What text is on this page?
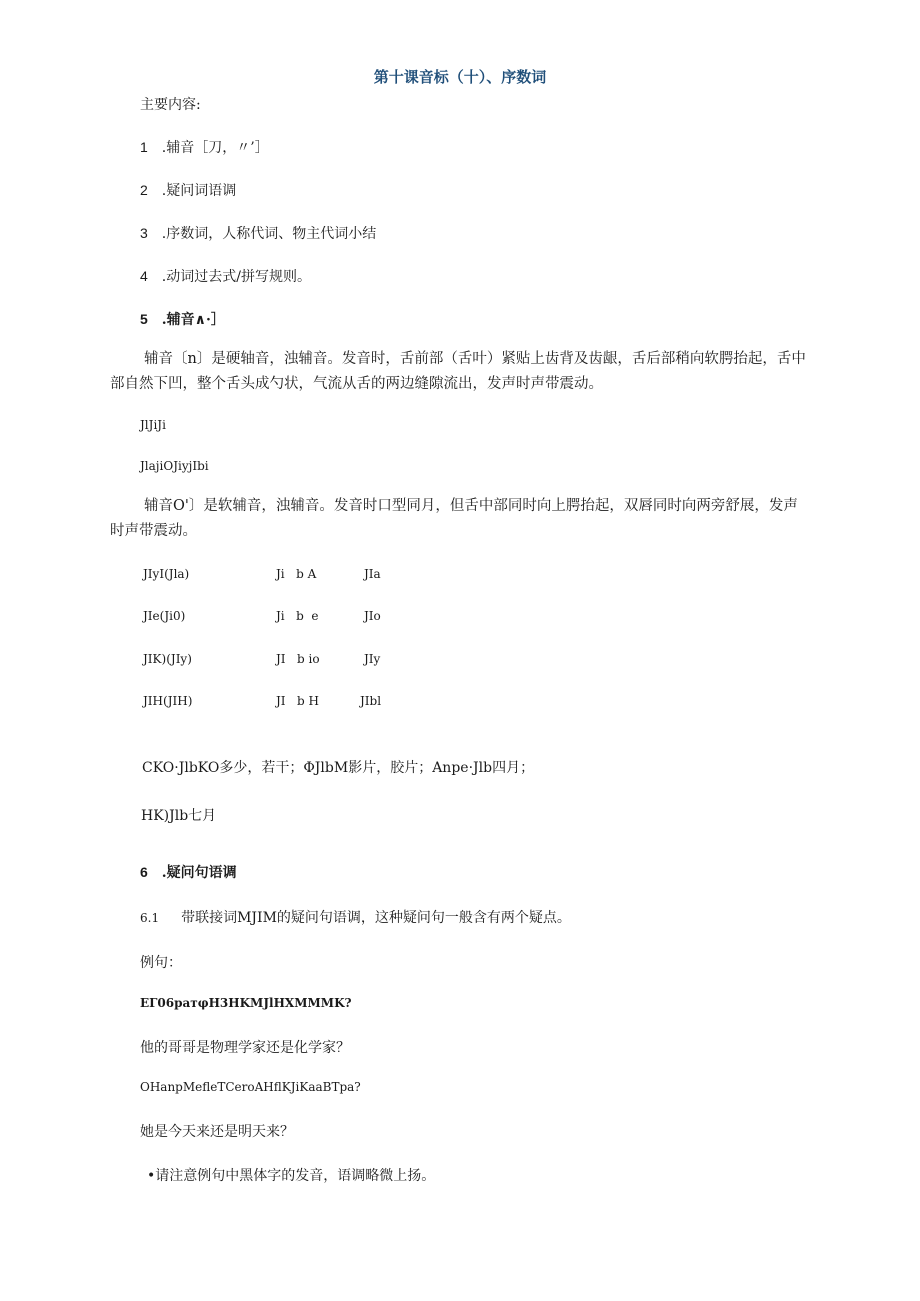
第十课音标（十）、序数词
主要内容:
1 .辅音［刀，〃’］
2 .疑问词语调
3 .序数词，人称代词、物主代词小结
4 .动词过去式/拼写规则。
5 .辅音∧·］
辅音〔n〕是硬轴音，浊辅音。发音时，舌前部（舌叶）紧贴上齿背及齿龈，舌后部稍向软腭抬起，舌中部自然下凹，整个舌头成勺状，气流从舌的两边缝隙流出，发声时声带震动。
JlJiJi
JlajiOJiyjIbi
辅音O'〕是软辅音，浊辅音。发音时口型同月，但舌中部同时向上腭抬起，双唇同时向两旁舒展，发声时声带震动。
JIyI(Jla)	Ji   b A	JIa
JIe(Ji0)	Ji   b  e	JIo
JIK)(JIy)	JI   b io	JIy
JIH(JIH)	JI   b H	JIbl
CKO·JlbKO多少，若干；ΦJlbM影片，胶片；Anpe·Jlb四月；
HK)Jlb七月
6 .疑问句语调
6.1 带联接词MJIM的疑问句语调，这种疑问句一般含有两个疑点。
例句：
ЕГ06ратφH3HKMJlHXMMMK?
他的哥哥是物理学家还是化学家？
OHanpMefleTCeroAHflKJiKaaBTpa?
她是今天来还是明天来？
•请注意例句中黑体字的发音，语调略微上扬。
